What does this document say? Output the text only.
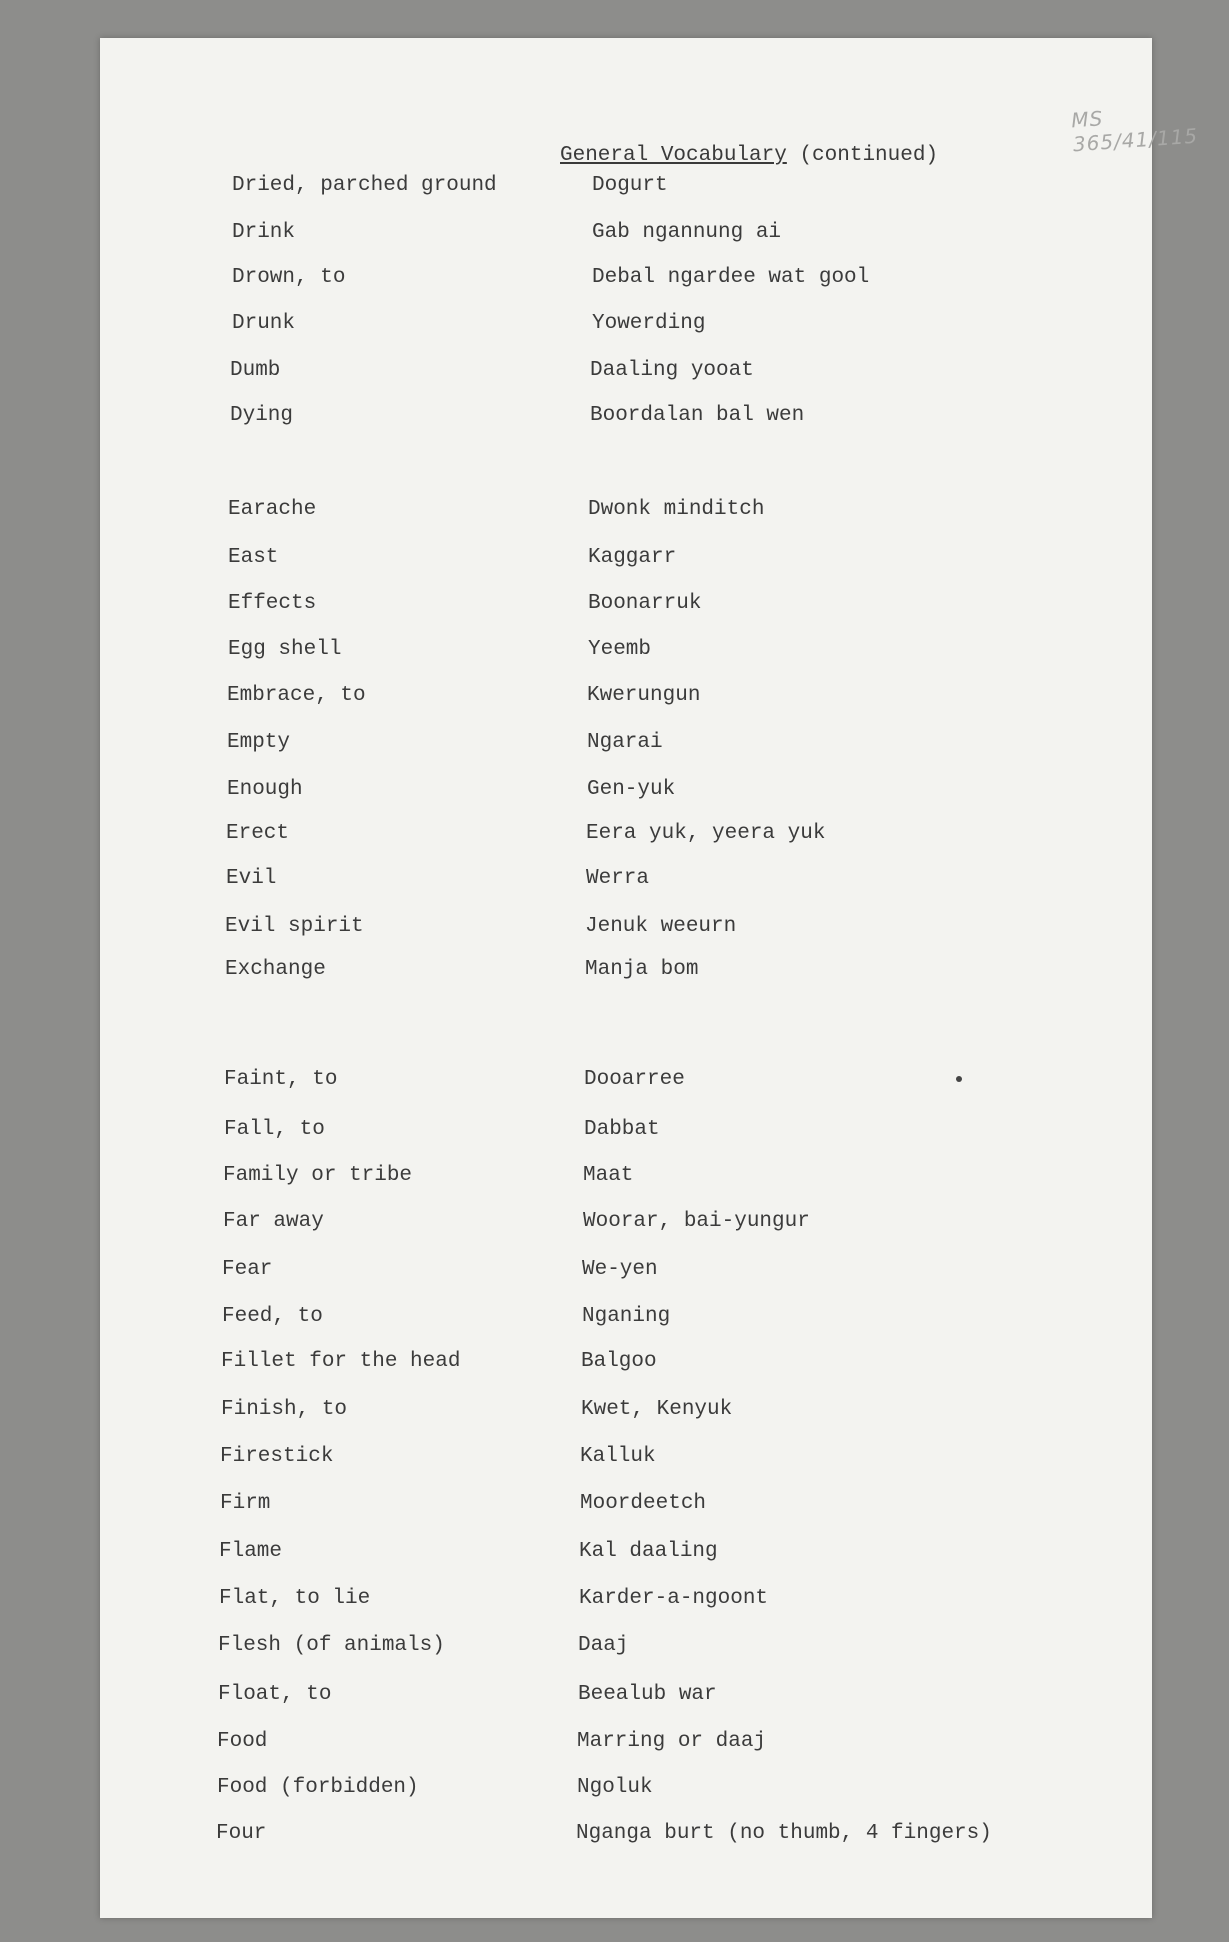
MS 365/41/115
General Vocabulary (continued)
Dried, parched ground	Dogurt
Drink	Gab ngannung ai
Drown, to	Debal ngardee wat gool
Drunk	Yowerding
Dumb	Daaling yooat
Dying	Boordalan bal wen
Earache	Dwonk minditch
East	Kaggarr
Effects	Boonarruk
Egg shell	Yeemb
Embrace, to	Kwerungun
Empty	Ngarai
Enough	Gen-yuk
Erect	Eera yuk, yeera yuk
Evil	Werra
Evil spirit	Jenuk weeurn
Exchange	Manja bom
Faint, to	Dooarree
Fall, to	Dabbat
Family or tribe	Maat
Far away	Woorar, bai-yungur
Fear	We-yen
Feed, to	Nganing
Fillet for the head	Balgoo
Finish, to	Kwet, Kenyuk
Firestick	Kalluk
Firm	Moordeetch
Flame	Kal daaling
Flat, to lie	Karder-a-ngoont
Flesh (of animals)	Daaj
Float, to	Beealub war
Food	Marring or daaj
Food (forbidden)	Ngoluk
Four	Nganga burt (no thumb, 4 fingers)
